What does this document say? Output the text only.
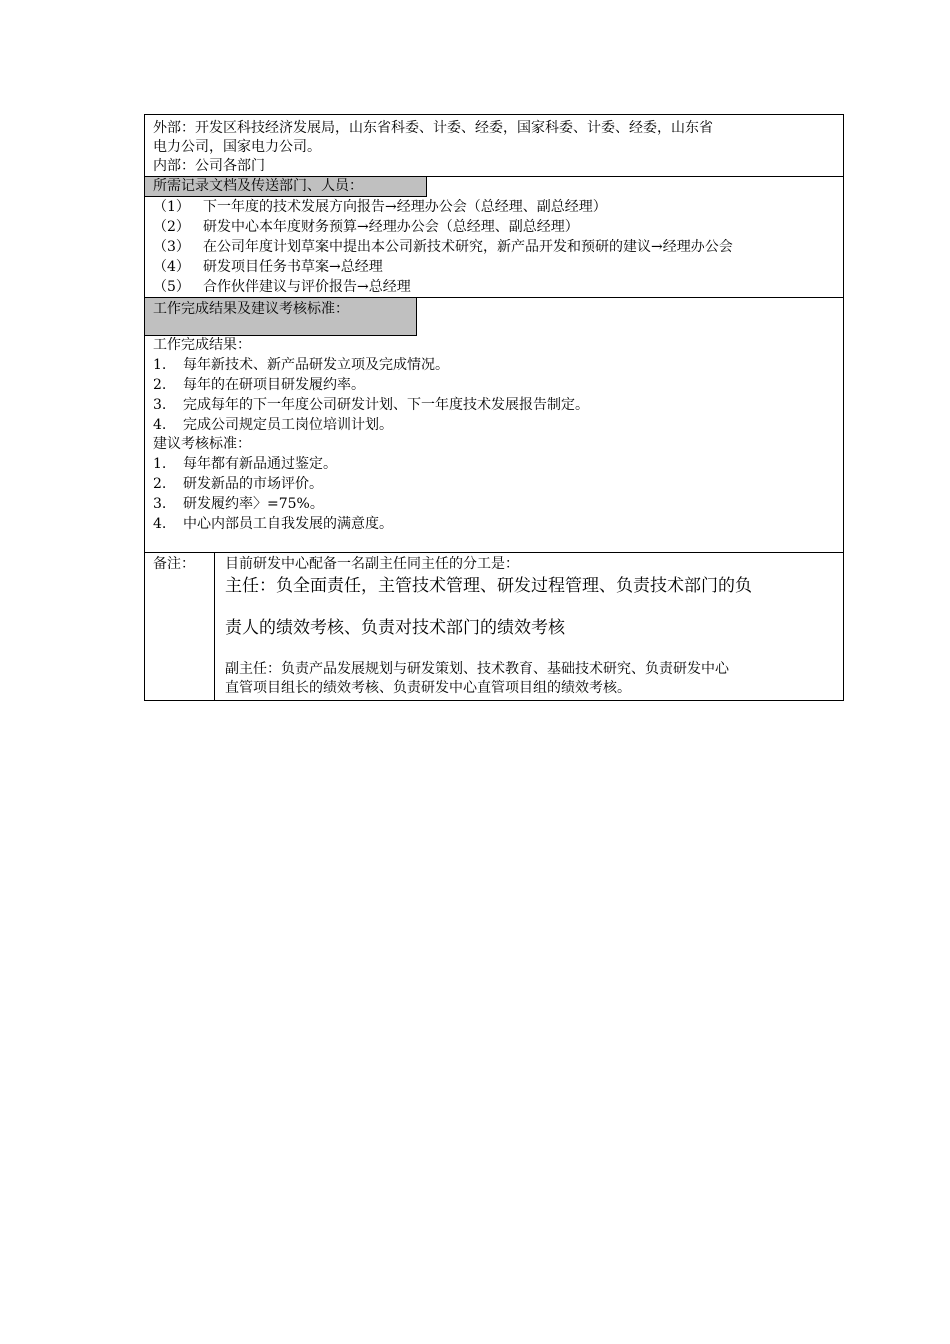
外部：开发区科技经济发展局，山东省科委、计委、经委，国家科委、计委、经委，山东省
电力公司，国家电力公司。
内部：公司各部门
所需记录文档及传送部门、人员：
（1） 下一年度的技术发展方向报告→经理办公会（总经理、副总经理）
（2） 研发中心本年度财务预算→经理办公会（总经理、副总经理）
（3） 在公司年度计划草案中提出本公司新技术研究，新产品开发和预研的建议→经理办公会
（4） 研发项目任务书草案→总经理
（5） 合作伙伴建议与评价报告→总经理
工作完成结果及建议考核标准：
工作完成结果：
1.	每年新技术、新产品研发立项及完成情况。
2.	每年的在研项目研发履约率。
3.	完成每年的下一年度公司研发计划、下一年度技术发展报告制定。
4.	完成公司规定员工岗位培训计划。
建议考核标准：
1.	每年都有新品通过鉴定。
2.	研发新品的市场评价。
3.	研发履约率〉=75%。
4.	中心内部员工自我发展的满意度。
备注：	目前研发中心配备一名副主任同主任的分工是：
主任：负全面责任，主管技术管理、研发过程管理、负责技术部门的负
责人的绩效考核、负责对技术部门的绩效考核
副主任：负责产品发展规划与研发策划、技术教育、基础技术研究、负责研发中心
直管项目组长的绩效考核、负责研发中心直管项目组的绩效考核。
